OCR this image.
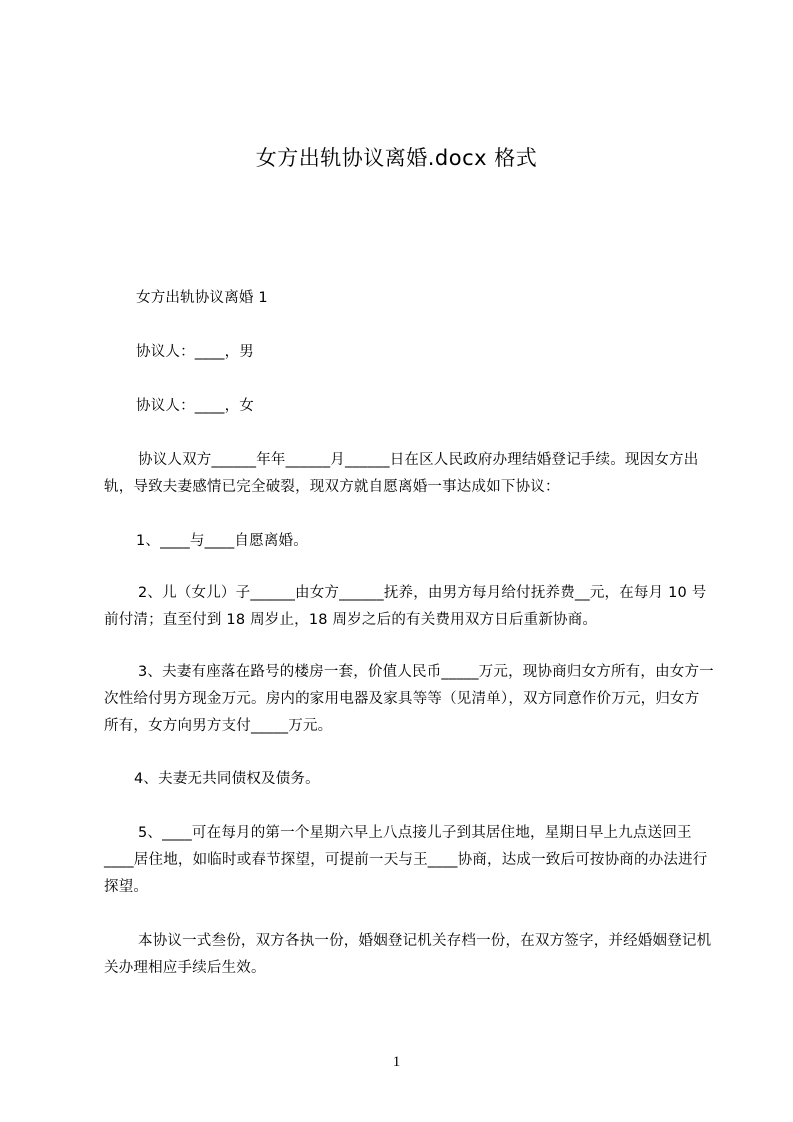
女方出轨协议离婚.docx 格式
女方出轨协议离婚 1
协议人：____，男
协议人：____，女
协议人双方______年年______月______日在区人民政府办理结婚登记手续。现因女方出轨，导致夫妻感情已完全破裂，现双方就自愿离婚一事达成如下协议：
1、____与____自愿离婚。
2、儿（女儿）子______由女方______抚养，由男方每月给付抚养费__元，在每月 10 号前付清；直至付到 18 周岁止，18 周岁之后的有关费用双方日后重新协商。
3、夫妻有座落在路号的楼房一套，价值人民币_____万元，现协商归女方所有，由女方一次性给付男方现金万元。房内的家用电器及家具等等（见清单），双方同意作价万元，归女方所有，女方向男方支付_____万元。
4、夫妻无共同债权及债务。
5、____可在每月的第一个星期六早上八点接儿子到其居住地，星期日早上九点送回王____居住地，如临时或春节探望，可提前一天与王____协商，达成一致后可按协商的办法进行探望。
本协议一式叁份，双方各执一份，婚姻登记机关存档一份，在双方签字，并经婚姻登记机关办理相应手续后生效。
1
